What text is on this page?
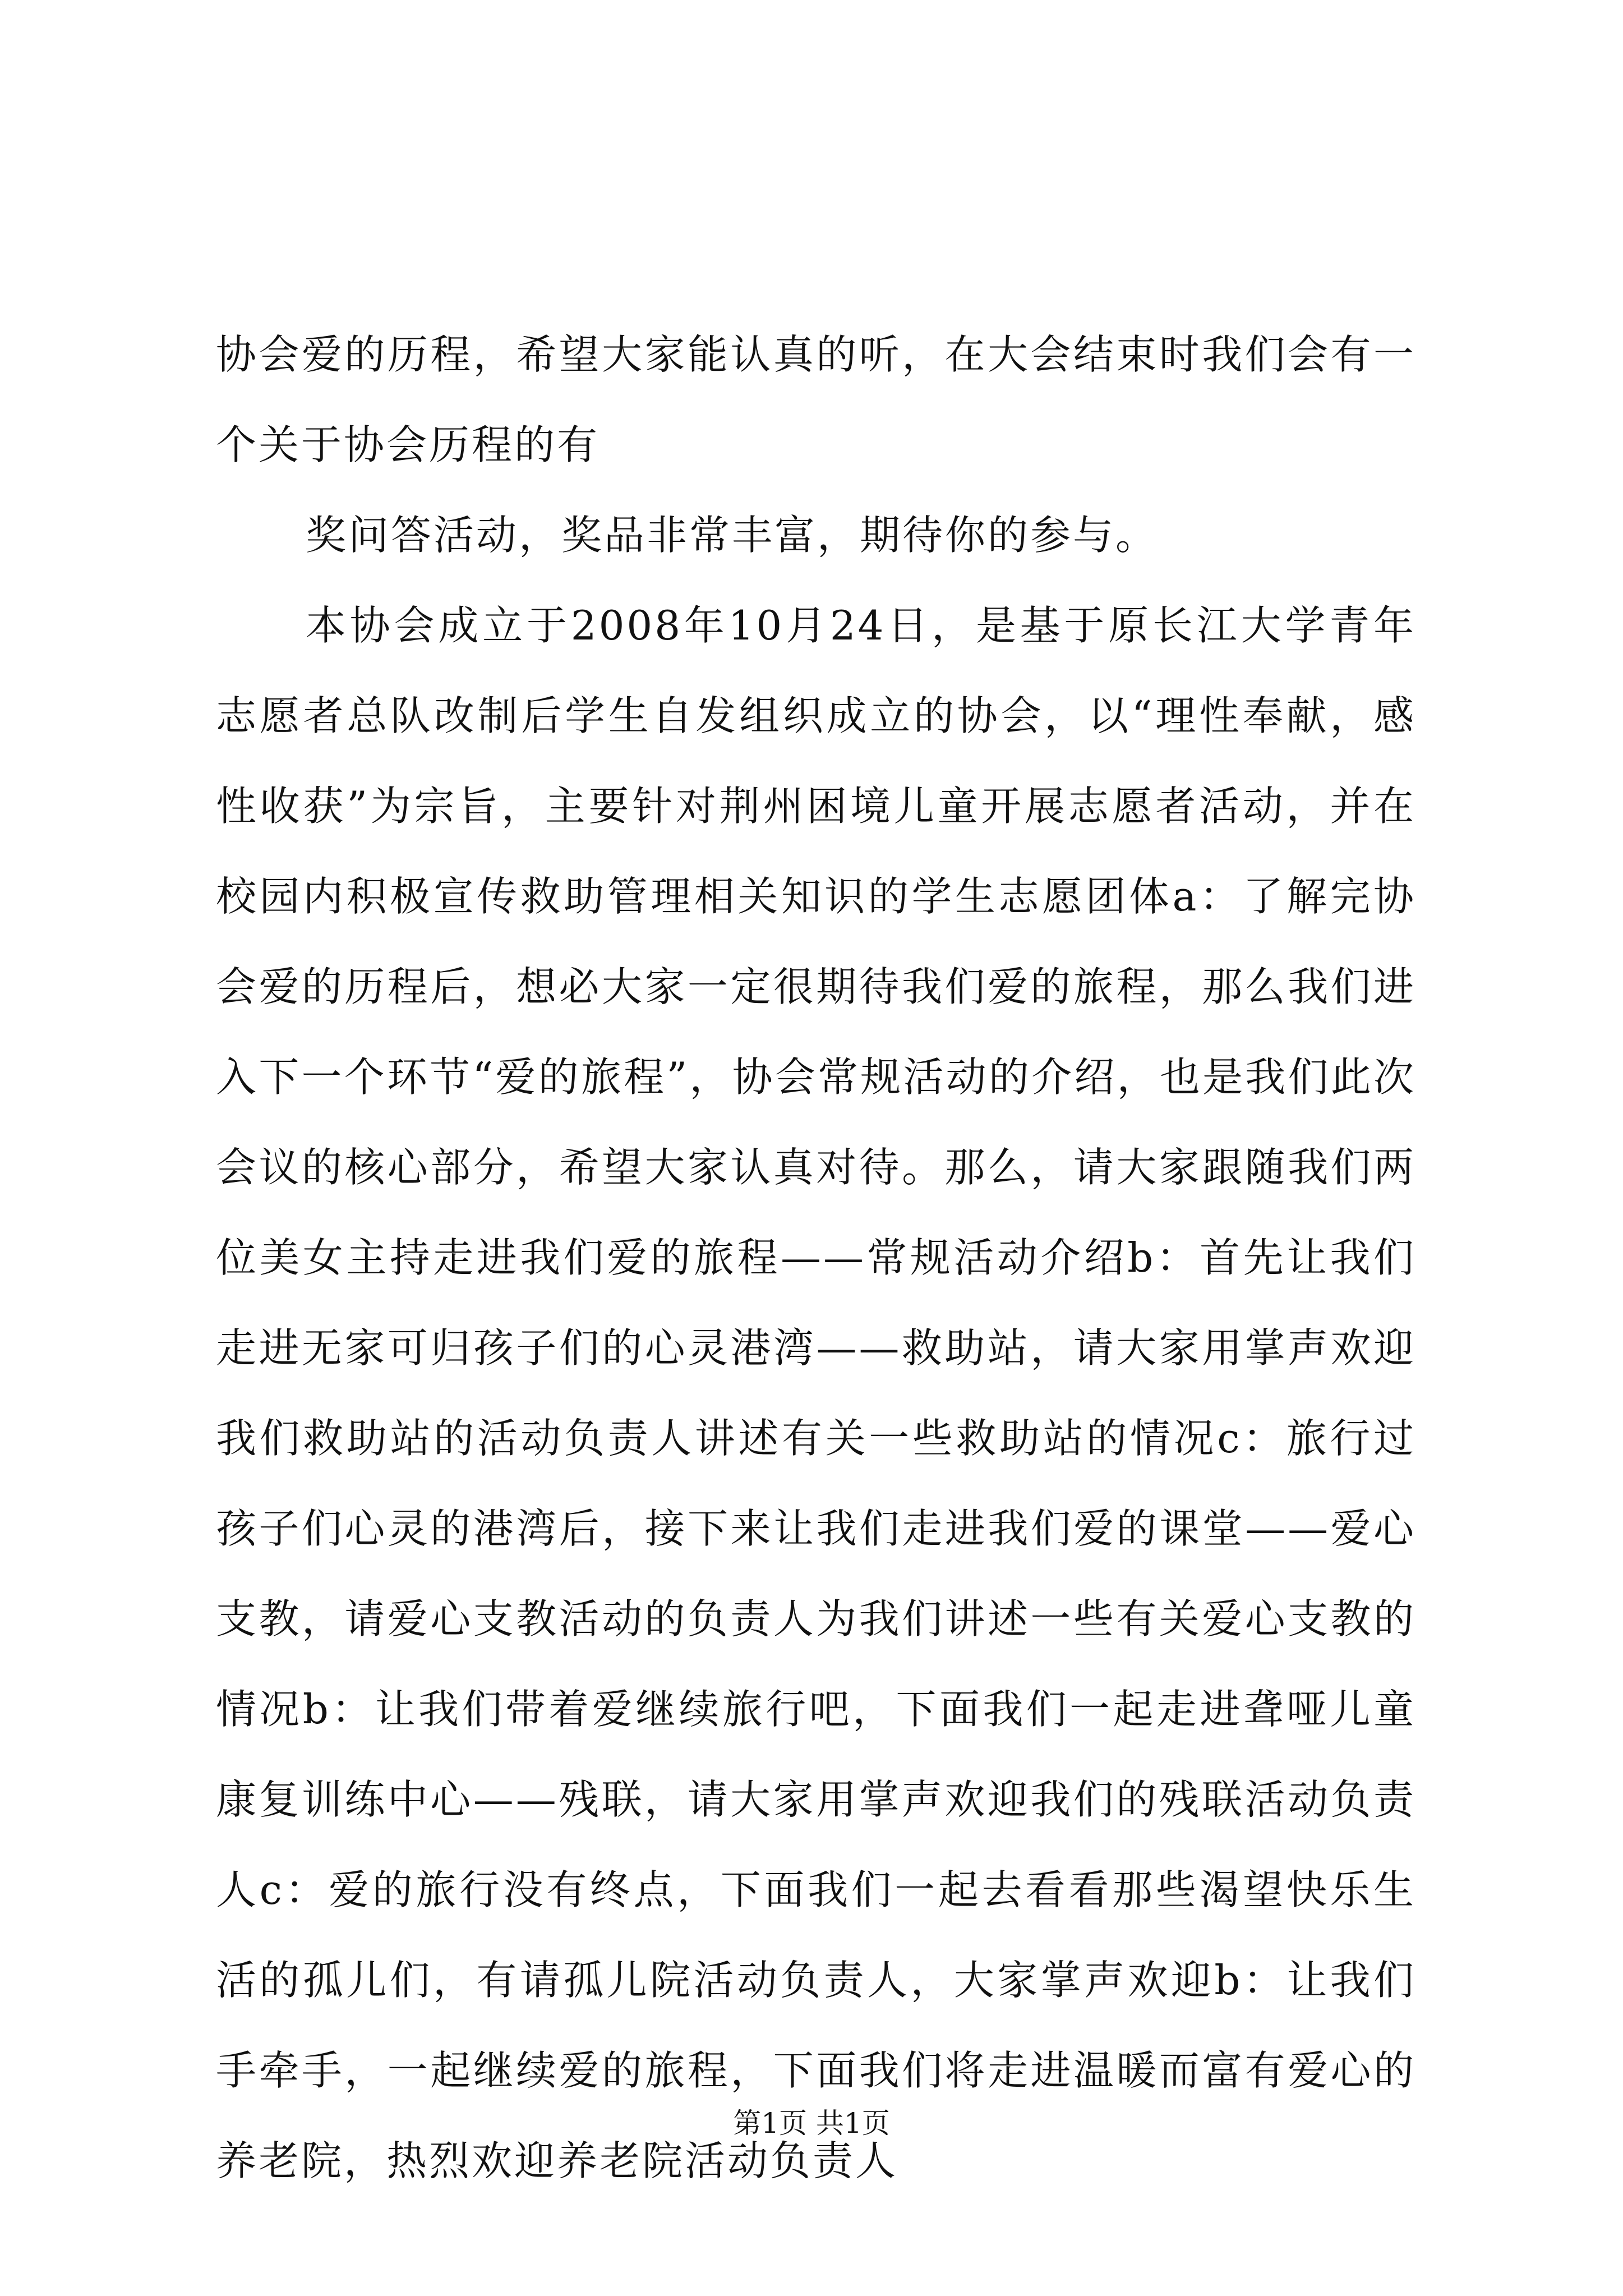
协会爱的历程，希望大家能认真的听，在大会结束时我们会有一个关于协会历程的有

奖问答活动，奖品非常丰富，期待你的参与。

本协会成立于2008年10月24日，是基于原长江大学青年志愿者总队改制后学生自发组织成立的协会，以“理性奉献，感性收获”为宗旨，主要针对荆州困境儿童开展志愿者活动，并在校园内积极宣传救助管理相关知识的学生志愿团体a：了解完协会爱的历程后，想必大家一定很期待我们爱的旅程，那么我们进入下一个环节“爱的旅程”，协会常规活动的介绍，也是我们此次会议的核心部分，希望大家认真对待。那么，请大家跟随我们两位美女主持走进我们爱的旅程——常规活动介绍b：首先让我们走进无家可归孩子们的心灵港湾——救助站，请大家用掌声欢迎我们救助站的活动负责人讲述有关一些救助站的情况c：旅行过孩子们心灵的港湾后，接下来让我们走进我们爱的课堂——爱心支教，请爱心支教活动的负责人为我们讲述一些有关爱心支教的情况b：让我们带着爱继续旅行吧，下面我们一起走进聋哑儿童康复训练中心——残联，请大家用掌声欢迎我们的残联活动负责人c：爱的旅行没有终点，下面我们一起去看看那些渴望快乐生活的孤儿们，有请孤儿院活动负责人，大家掌声欢迎b：让我们手牵手，一起继续爱的旅程，下面我们将走进温暖而富有爱心的养老院，热烈欢迎养老院活动负责人

第1页 共1页
